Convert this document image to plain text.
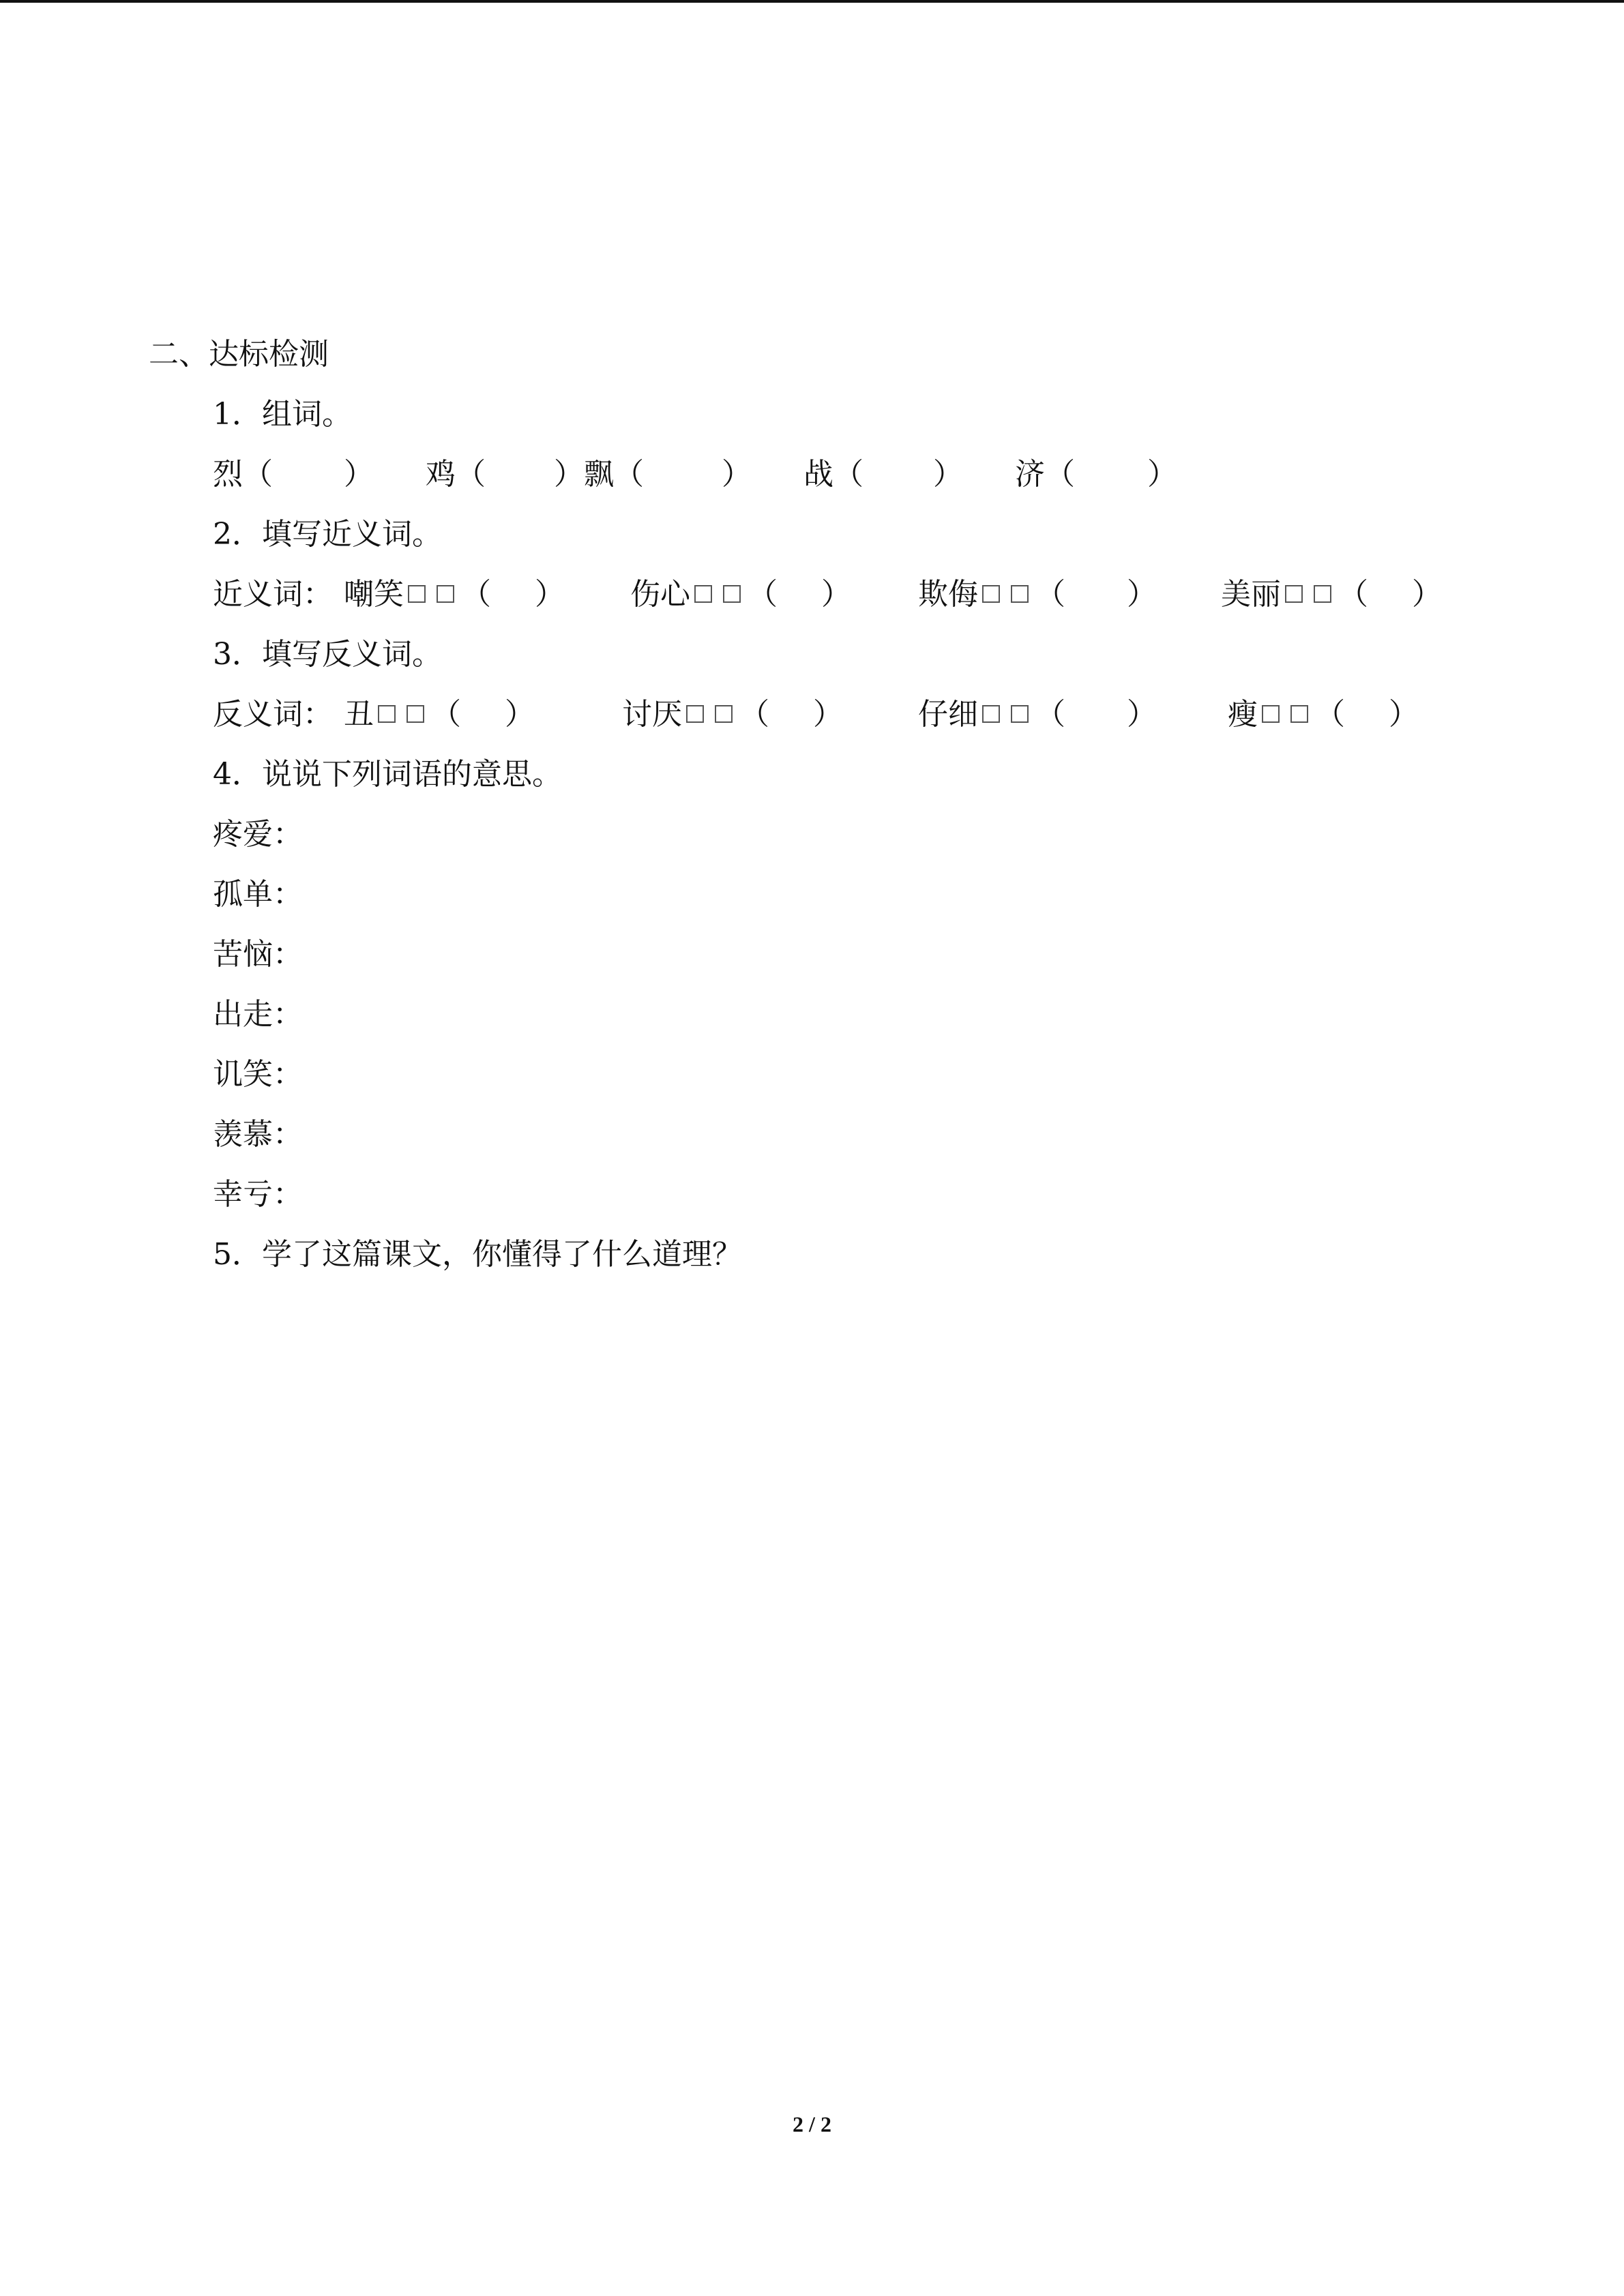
二、达标检测
1．组词。
烈（ ） 鸡（ ）飘（	） 战（ ） 济（ ）
2．填写近义词。
近义词： 嘲笑 （ ） 伤心 （ ） 欺侮 （ ） 美丽 （ ）
3．填写反义词。
反义词： 丑 （ ）	讨厌 （ ）	仔细 （ ） 瘦 （ ）
4．说说下列词语的意思。
疼爱：
孤单：
苦恼：
出走：
讥笑：
羡慕：
幸亏：
5．学了这篇课文，你懂得了什么道理？
2 / 2
